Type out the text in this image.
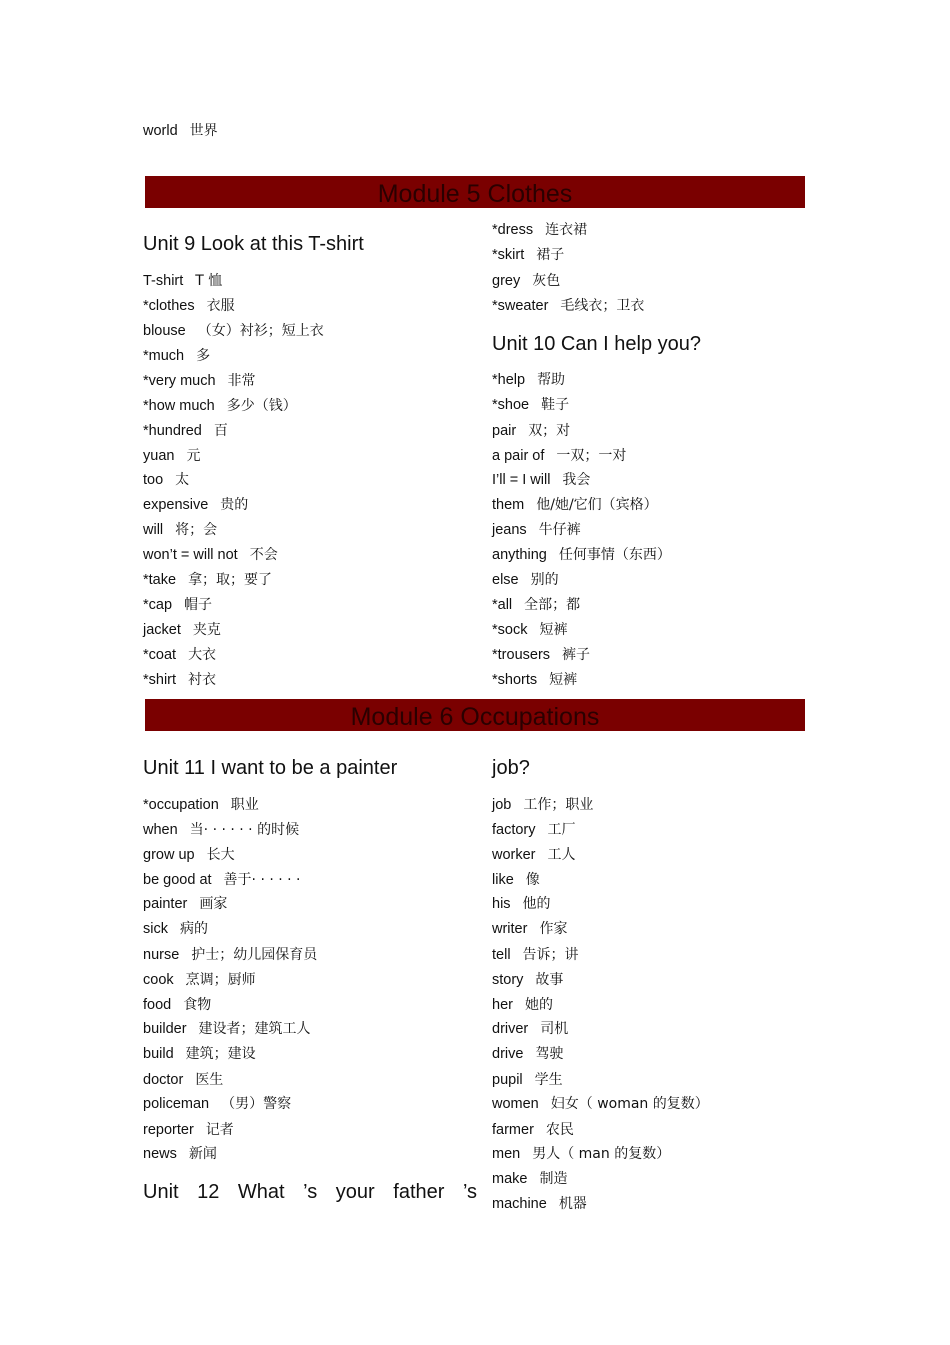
world 世界
Module 5 Clothes
Unit 9 Look at this T-shirt
T-shirt T 恤
*clothes 衣服
blouse （女）衬衫；短上衣
*much 多
*very much 非常
*how much 多少（钱）
*hundred 百
yuan 元
too 太
expensive 贵的
will 将；会
won’t = will not 不会
*take 拿；取；要了
*cap 帽子
jacket 夹克
*coat 大衣
*shirt 衬衣
*dress 连衣裙
*skirt 裙子
grey 灰色
*sweater 毛线衣；卫衣
Unit 10 Can I help you?
*help 帮助
*shoe 鞋子
pair 双；对
a pair of 一双；一对
I’ll = I will 我会
them 他/她/它们（宾格）
jeans 牛仔裤
anything 任何事情（东西）
else 别的
*all 全部；都
*sock 短裤
*trousers 裤子
*shorts 短裤
Module 6 Occupations
Unit 11 I want to be a painter
*occupation 职业
when 当· · · · · · 的时候
grow up 长大
be good at 善于· · · · · ·
painter 画家
sick 病的
nurse 护士；幼儿园保育员
cook 烹调；厨师
food 食物
builder 建设者；建筑工人
build 建筑；建设
doctor 医生
policeman （男）警察
reporter 记者
news 新闻
Unit 12 What ’s your father ’s
job?
job 工作；职业
factory 工厂
worker 工人
like 像
his 他的
writer 作家
tell 告诉；讲
story 故事
her 她的
driver 司机
drive 驾驶
pupil 学生
women 妇女（ woman 的复数）
farmer 农民
men 男人（ man 的复数）
make 制造
machine 机器
